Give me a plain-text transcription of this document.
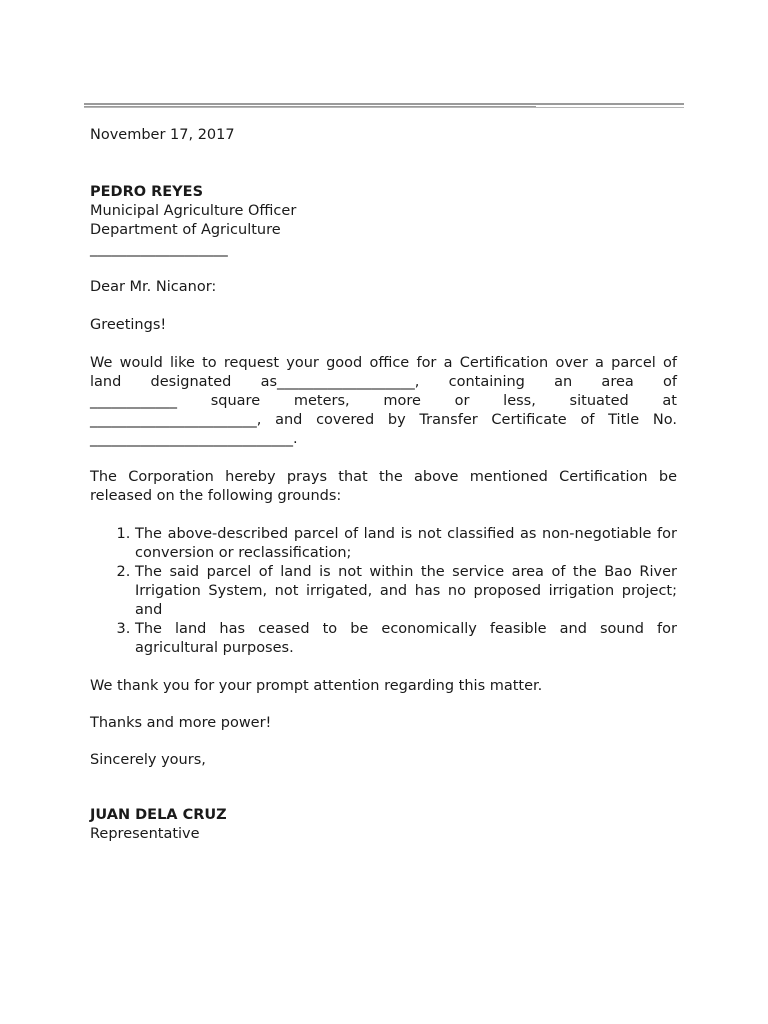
November 17, 2017
PEDRO REYES
Municipal Agriculture Officer
Department of Agriculture
___________________
Dear Mr. Nicanor:
Greetings!
We would like to request your good office for a Certification over a parcel of
land designated as___________________, containing an area of
____________ square meters, more or less, situated at
_______________________, and covered by Transfer Certificate of Title No.
____________________________.

The Corporation hereby prays that the above mentioned Certification be released on the following grounds:

1. The above-described parcel of land is not classified as non-negotiable for conversion or reclassification;
2. The said parcel of land is not within the service area of the Bao River Irrigation System, not irrigated, and has no proposed irrigation project; and
3. The land has ceased to be economically feasible and sound for agricultural purposes.
We thank you for your prompt attention regarding this matter.
Thanks and more power!
Sincerely yours,
JUAN DELA CRUZ
Representative
